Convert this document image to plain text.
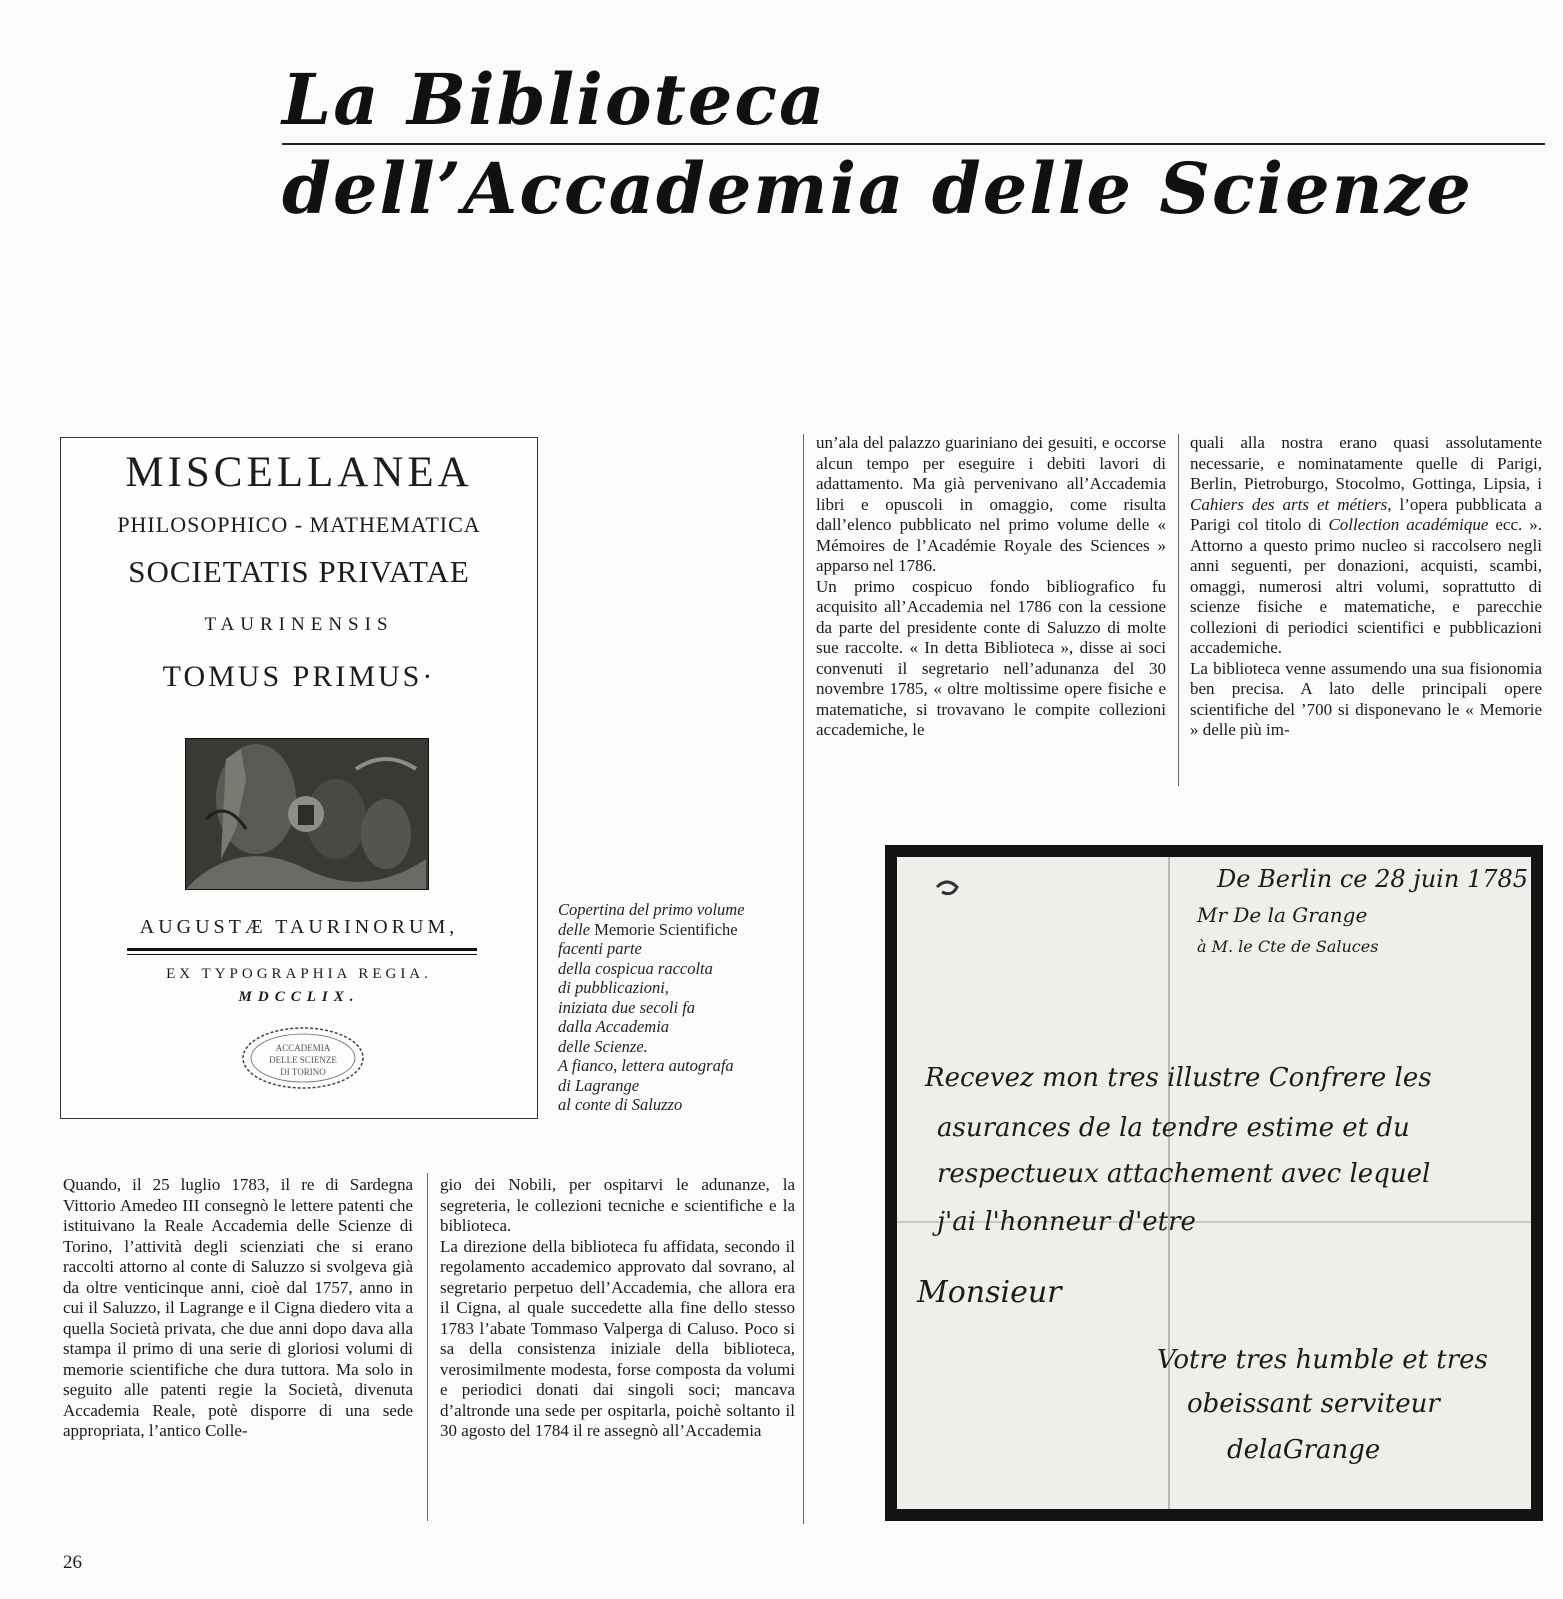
La Biblioteca
dell’Accademia delle Scienze
MISCELLANEA
PHILOSOPHICO - MATHEMATICA
SOCIETATIS PRIVATAE
TAURINENSIS
TOMUS PRIMUS·
AUGUSTÆ TAURINORUM,
EX TYPOGRAPHIA REGIA.
MDCCLIX.
ACCADEMIA
DELLE SCIENZE
DI TORINO
Copertina del primo volume
delle Memorie Scientifiche
facenti parte
della cospicua raccolta
di pubblicazioni,
iniziata due secoli fa
dalla Accademia
delle Scienze.
A fianco, lettera autografa
di Lagrange
al conte di Saluzzo

Quando, il 25 luglio 1783, il re di Sardegna Vittorio Amedeo III consegnò le lettere patenti che istituivano la Reale Accademia delle Scienze di Torino, l’attività degli scienziati che si erano raccolti attorno al conte di Saluzzo si svolgeva già da oltre venticinque anni, cioè dal 1757, anno in cui il Saluzzo, il Lagrange e il Cigna diedero vita a quella Società privata, che due anni dopo dava alla stampa il primo di una serie di gloriosi volumi di memorie scientifiche che dura tuttora. Ma solo in seguito alle patenti regie la Società, divenuta Accademia Reale, potè disporre di una sede appropriata, l’antico Colle-

gio dei Nobili, per ospitarvi le adunanze, la segreteria, le collezioni tecniche e scientifiche e la biblioteca.

La direzione della biblioteca fu affidata, secondo il regolamento accademico approvato dal sovrano, al segretario perpetuo dell’Accademia, che allora era il Cigna, al quale succedette alla fine dello stesso 1783 l’abate Tommaso Valperga di Caluso. Poco si sa della consistenza iniziale della biblioteca, verosimilmente modesta, forse composta da volumi e periodici donati dai singoli soci; mancava d’altronde una sede per ospitarla, poichè soltanto il 30 agosto del 1784 il re assegnò all’Accademia

un’ala del palazzo guariniano dei gesuiti, e occorse alcun tempo per eseguire i debiti lavori di adattamento. Ma già pervenivano all’Accademia libri e opuscoli in omaggio, come risulta dall’elenco pubblicato nel primo volume delle « Mémoires de l’Académie Royale des Sciences » apparso nel 1786.

Un primo cospicuo fondo bibliografico fu acquisito all’Accademia nel 1786 con la cessione da parte del presidente conte di Saluzzo di molte sue raccolte. « In detta Biblioteca », disse ai soci convenuti il segretario nell’adunanza del 30 novembre 1785, « oltre moltissime opere fisiche e matematiche, si trovavano le compite collezioni accademiche, le

quali alla nostra erano quasi assolutamente necessarie, e nominatamente quelle di Parigi, Berlin, Pietroburgo, Stocolmo, Gottinga, Lipsia, i Cahiers des arts et métiers, l’opera pubblicata a Parigi col titolo di Collection académique ecc. ». Attorno a questo primo nucleo si raccolsero negli anni seguenti, per donazioni, acquisti, scambi, omaggi, numerosi altri volumi, soprattutto di scienze fisiche e matematiche, e parecchie collezioni di periodici scientifici e pubblicazioni accademiche.

La biblioteca venne assumendo una sua fisionomia ben precisa. A lato delle principali opere scientifiche del ’700 si disponevano le « Memorie » delle più im-

De Berlin ce 28 juin 1785
Mr De la Grange
à M. le Cte de Saluces
Recevez mon tres illustre Confrere les
asurances de la tendre estime et du
respectueux attachement avec lequel
j'ai l'honneur d'etre
Monsieur
Votre tres humble et tres
obeissant serviteur
delaGrange
26
